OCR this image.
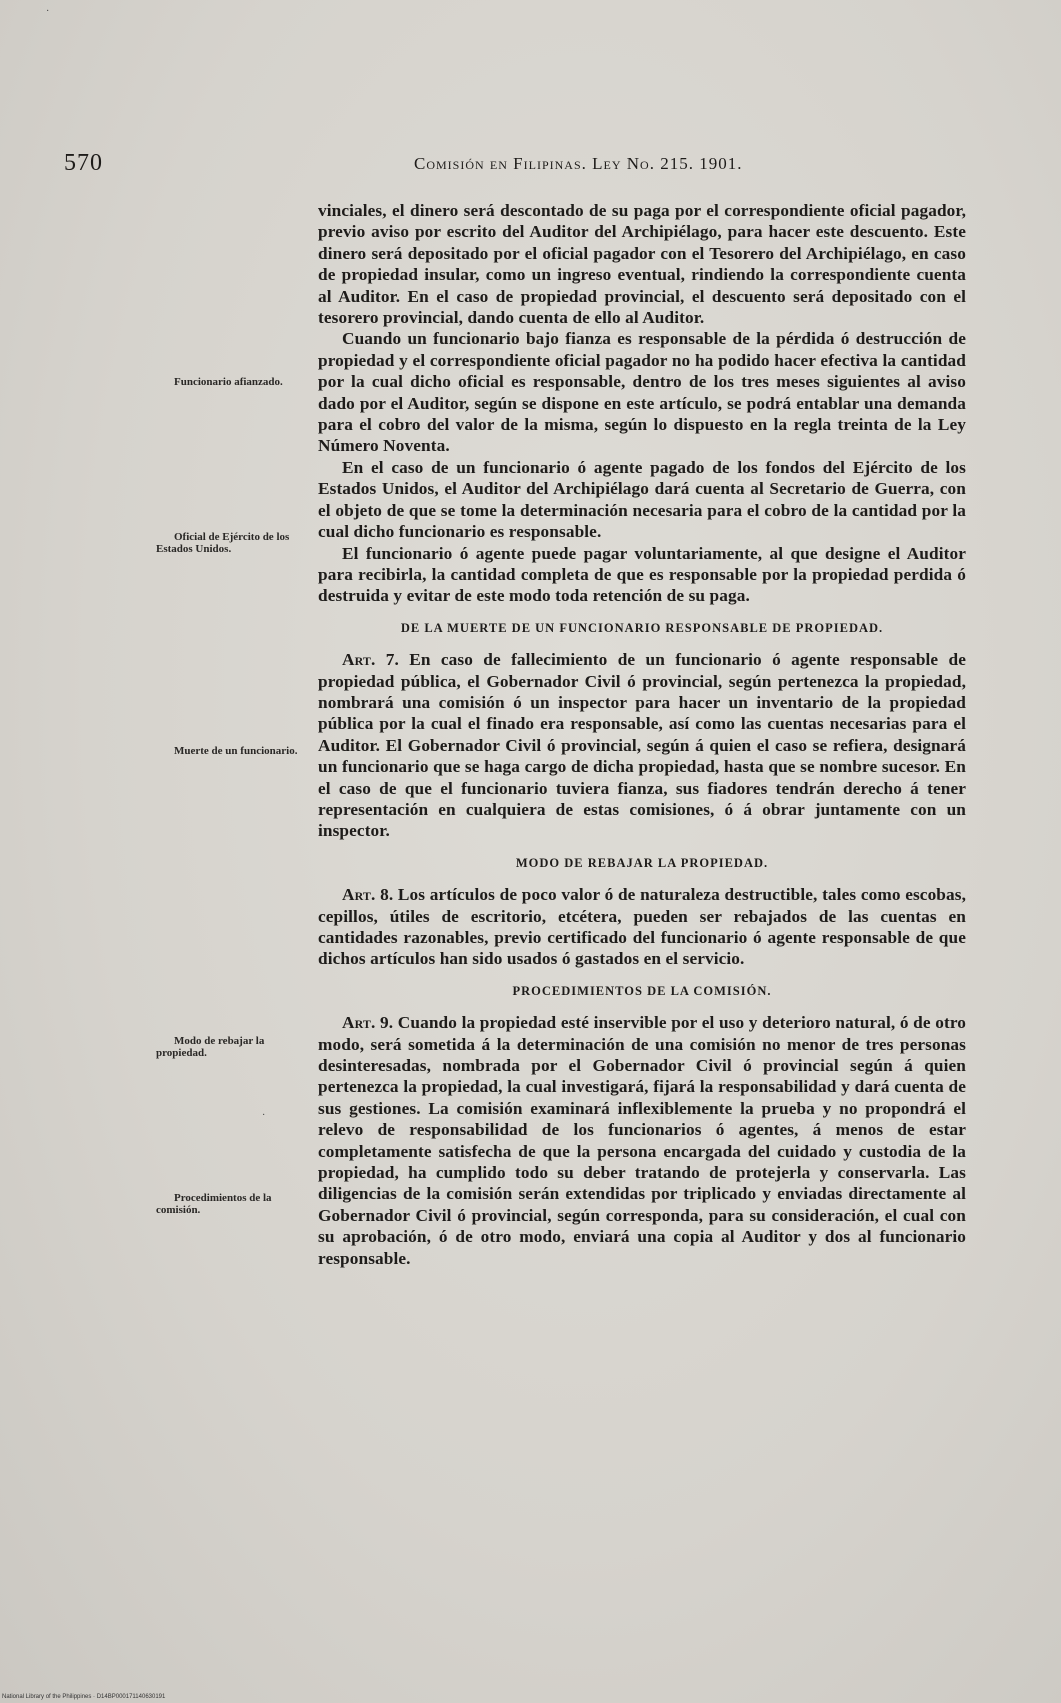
570	Comisión en Filipinas. Ley No. 215. 1901.
Funcionario afianzado.
Oficial de Ejército de los Estados Unidos.
Muerte de un funcionario.
Modo de rebajar la propiedad.
Procedimientos de la comisión.

vinciales, el dinero será descontado de su paga por el correspondiente oficial pagador, previo aviso por escrito del Auditor del Archipiélago, para hacer este descuento. Este dinero será depositado por el oficial pagador con el Tesorero del Archipiélago, en caso de propiedad insular, como un ingreso eventual, rindiendo la correspondiente cuenta al Auditor. En el caso de propiedad provincial, el descuento será depositado con el tesorero provincial, dando cuenta de ello al Auditor.

Cuando un funcionario bajo fianza es responsable de la pérdida ó destrucción de propiedad y el correspondiente oficial pagador no ha podido hacer efectiva la cantidad por la cual dicho oficial es responsable, dentro de los tres meses siguientes al aviso dado por el Auditor, según se dispone en este artículo, se podrá entablar una demanda para el cobro del valor de la misma, según lo dispuesto en la regla treinta de la Ley Número Noventa.

En el caso de un funcionario ó agente pagado de los fondos del Ejército de los Estados Unidos, el Auditor del Archipiélago dará cuenta al Secretario de Guerra, con el objeto de que se tome la determinación necesaria para el cobro de la cantidad por la cual dicho funcionario es responsable.

El funcionario ó agente puede pagar voluntariamente, al que designe el Auditor para recibirla, la cantidad completa de que es responsable por la propiedad perdida ó destruida y evitar de este modo toda retención de su paga.

DE LA MUERTE DE UN FUNCIONARIO RESPONSABLE DE PROPIEDAD.

Art. 7. En caso de fallecimiento de un funcionario ó agente responsable de propiedad pública, el Gobernador Civil ó provincial, según pertenezca la propiedad, nombrará una comisión ó un inspector para hacer un inventario de la propiedad pública por la cual el finado era responsable, así como las cuentas necesarias para el Auditor. El Gobernador Civil ó provincial, según á quien el caso se refiera, designará un funcionario que se haga cargo de dicha propiedad, hasta que se nombre sucesor. En el caso de que el funcionario tuviera fianza, sus fiadores tendrán derecho á tener representación en cualquiera de estas comisiones, ó á obrar juntamente con un inspector.

MODO DE REBAJAR LA PROPIEDAD.

Art. 8. Los artículos de poco valor ó de naturaleza destructible, tales como escobas, cepillos, útiles de escritorio, etcétera, pueden ser rebajados de las cuentas en cantidades razonables, previo certificado del funcionario ó agente responsable de que dichos artículos han sido usados ó gastados en el servicio.

PROCEDIMIENTOS DE LA COMISIÓN.

Art. 9. Cuando la propiedad esté inservible por el uso y deterioro natural, ó de otro modo, será sometida á la determinación de una comisión no menor de tres personas desinteresadas, nombrada por el Gobernador Civil ó provincial según á quien pertenezca la propiedad, la cual investigará, fijará la responsabilidad y dará cuenta de sus gestiones. La comisión examinará inflexiblemente la prueba y no propondrá el relevo de responsabilidad de los funcionarios ó agentes, á menos de estar completamente satisfecha de que la persona encargada del cuidado y custodia de la propiedad, ha cumplido todo su deber tratando de protejerla y conservarla. Las diligencias de la comisión serán extendidas por triplicado y enviadas directamente al Gobernador Civil ó provincial, según corresponda, para su consideración, el cual con su aprobación, ó de otro modo, enviará una copia al Auditor y dos al funcionario responsable.

·
·
National Library of the Philippines · D14BP000171140630191
